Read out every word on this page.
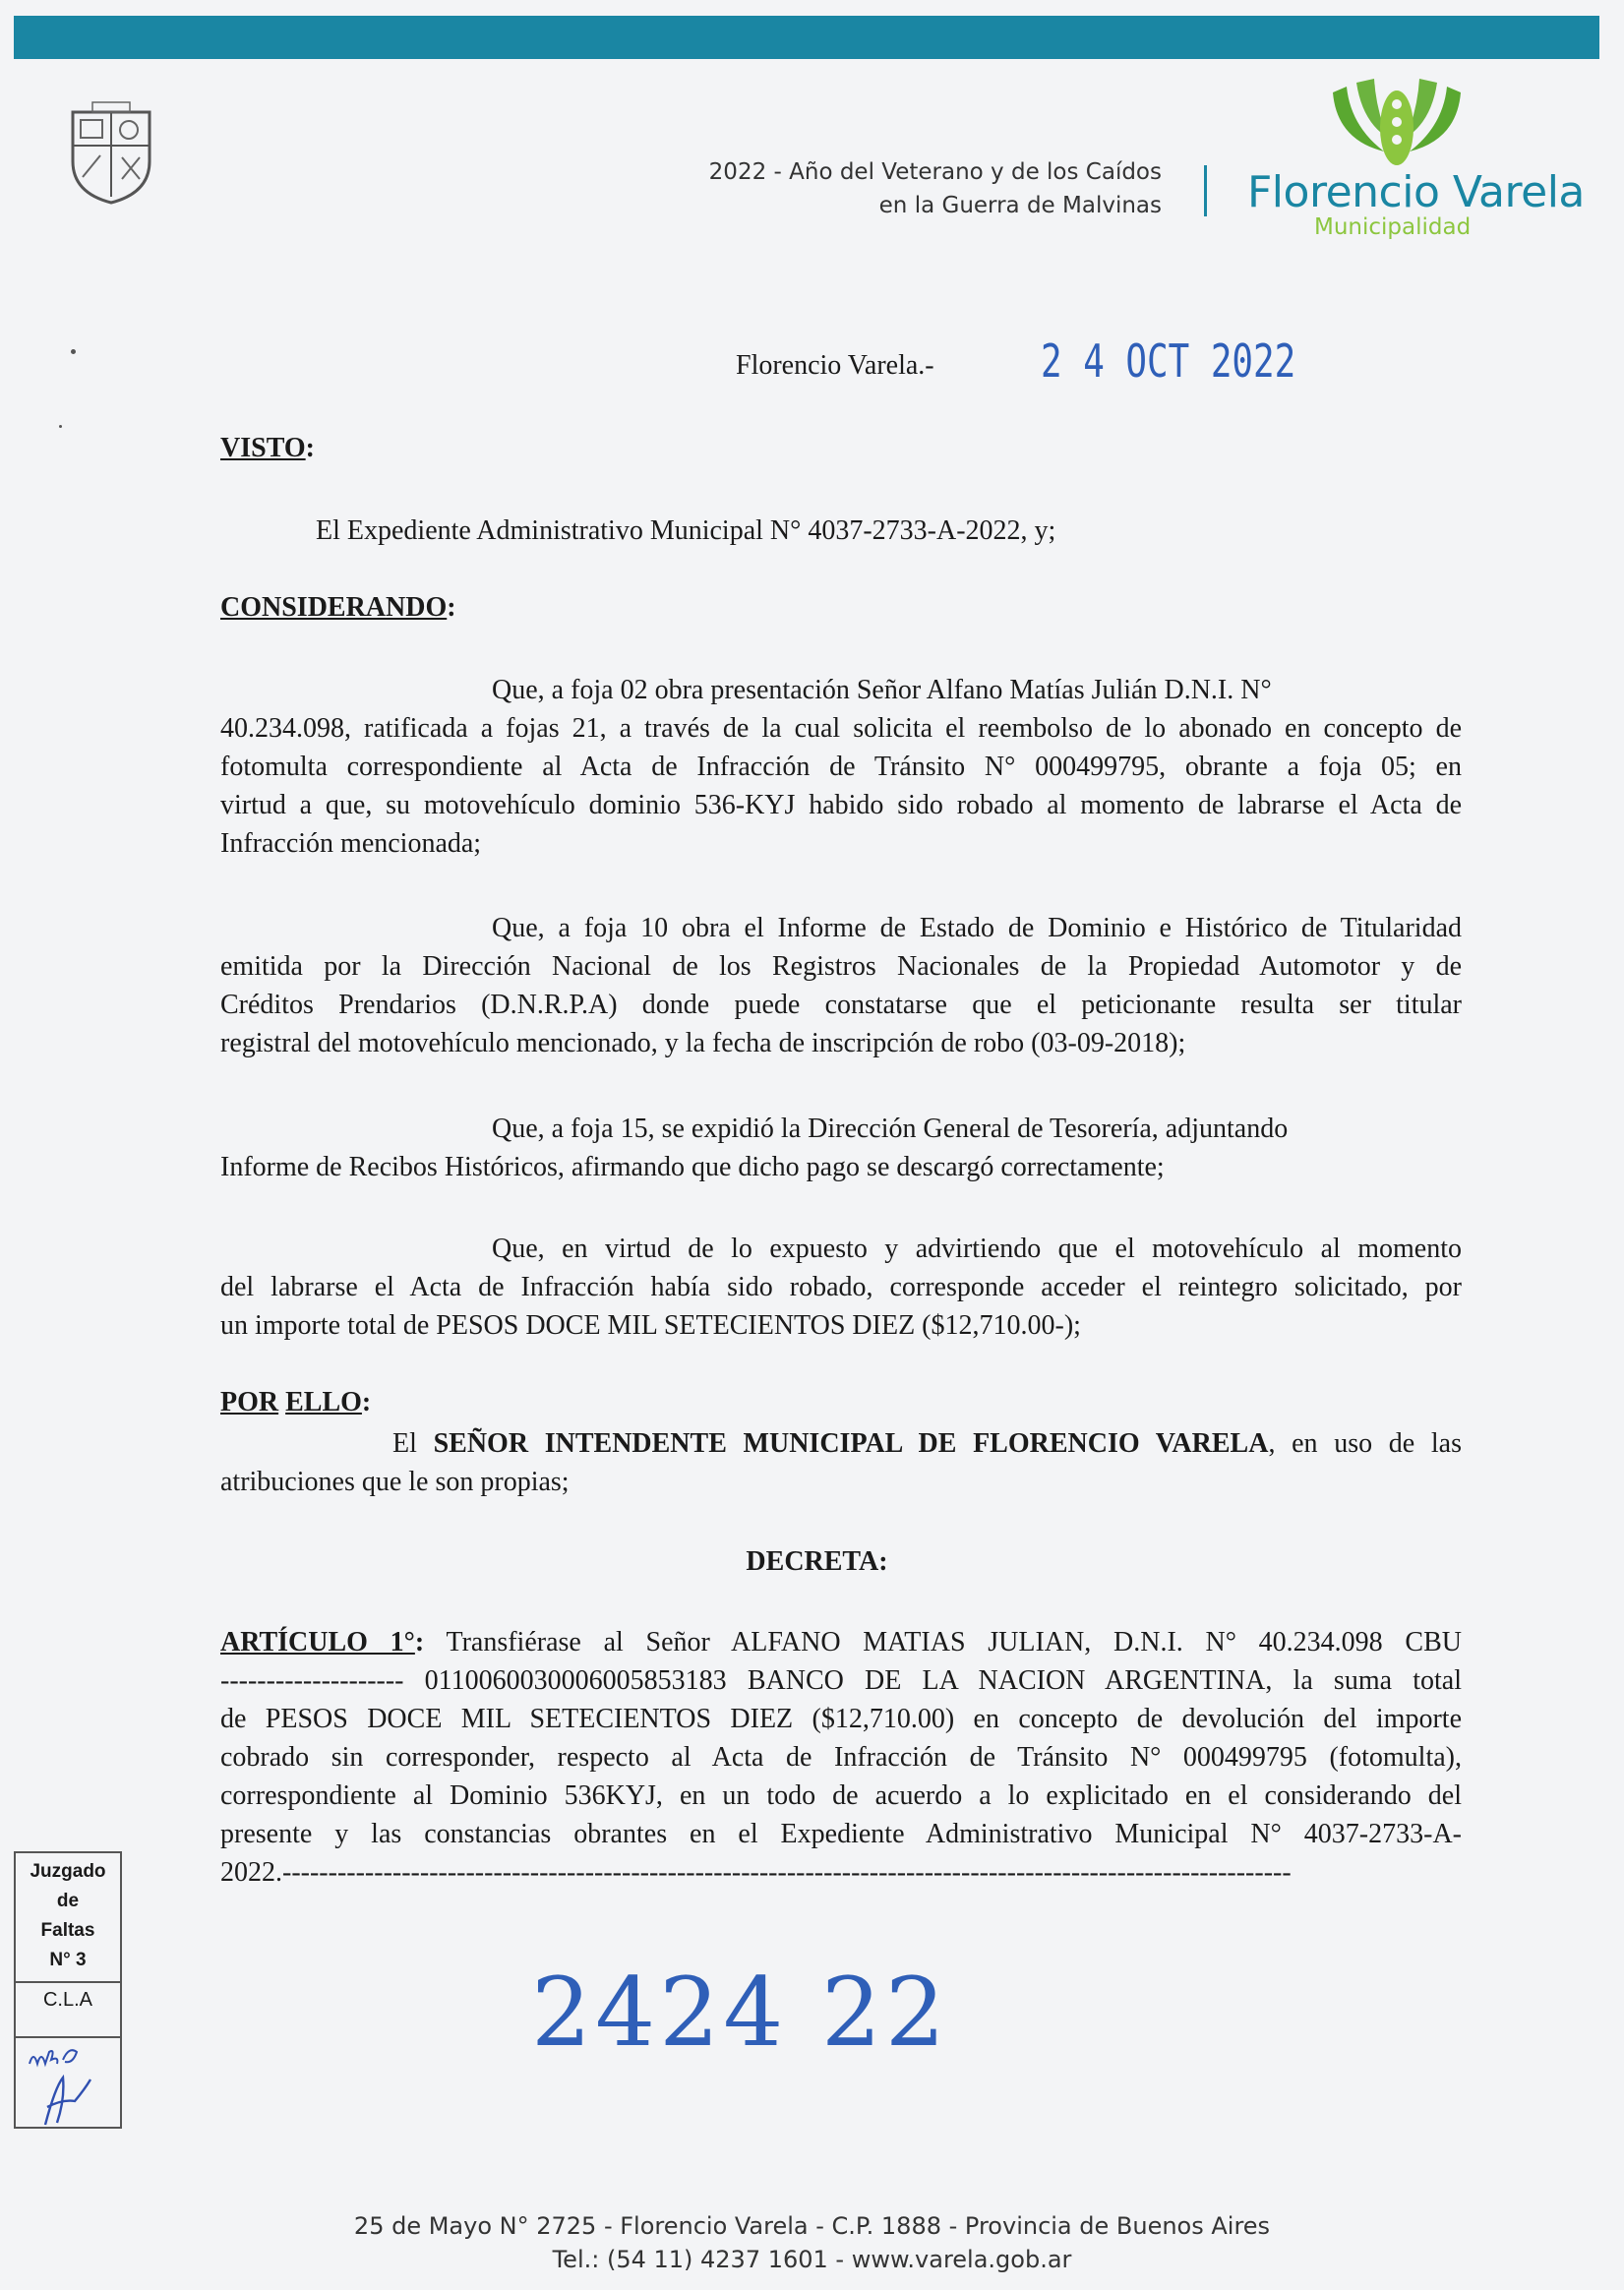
2022 - Año del Veterano y de los Caídos
en la Guerra de Malvinas Florencio Varela
Municipalidad
Florencio Varela.- 2 4 OCT 2022
VISTO:
El Expediente Administrativo Municipal N° 4037-2733-A-2022, y;
CONSIDERANDO:
Que, a foja 02 obra presentación Señor Alfano Matías Julián D.N.I. N°
40.234.098, ratificada a fojas 21, a través de la cual solicita el reembolso de lo abonado en concepto de
fotomulta correspondiente al Acta de Infracción de Tránsito N° 000499795, obrante a foja 05; en
virtud a que, su motovehículo dominio 536-KYJ habido sido robado al momento de labrarse el Acta de
Infracción mencionada;
Que, a foja 10 obra el Informe de Estado de Dominio e Histórico de Titularidad
emitida por la Dirección Nacional de los Registros Nacionales de la Propiedad Automotor y de
Créditos Prendarios (D.N.R.P.A) donde puede constatarse que el peticionante resulta ser titular
registral del motovehículo mencionado, y la fecha de inscripción de robo (03-09-2018);
Que, a foja 15, se expidió la Dirección General de Tesorería, adjuntando
Informe de Recibos Históricos, afirmando que dicho pago se descargó correctamente;
Que, en virtud de lo expuesto y advirtiendo que el motovehículo al momento
del labrarse el Acta de Infracción había sido robado, corresponde acceder el reintegro solicitado, por
un importe total de PESOS DOCE MIL SETECIENTOS DIEZ ($12,710.00-);
POR ELLO:
El SEÑOR INTENDENTE MUNICIPAL DE FLORENCIO VARELA, en uso de las
atribuciones que le son propias;
DECRETA:
ARTÍCULO 1°: Transfiérase al Señor ALFANO MATIAS JULIAN, D.N.I. N° 40.234.098 CBU
-------------------- 0110060030006005853183 BANCO DE LA NACION ARGENTINA, la suma total
de PESOS DOCE MIL SETECIENTOS DIEZ ($12,710.00) en concepto de devolución del importe
cobrado sin corresponder, respecto al Acta de Infracción de Tránsito N° 000499795 (fotomulta),
correspondiente al Dominio 536KYJ, en un todo de acuerdo a lo explicitado en el considerando del
presente y las constancias obrantes en el Expediente Administrativo Municipal N° 4037-2733-A-
2022.--------------------------------------------------------------------------------------------------------------
Juzgado
de
Faltas
N° 3
C.L.A	2424 22
25 de Mayo N° 2725 - Florencio Varela - C.P. 1888 - Provincia de Buenos Aires
Tel.: (54 11) 4237 1601 - www.varela.gob.ar
